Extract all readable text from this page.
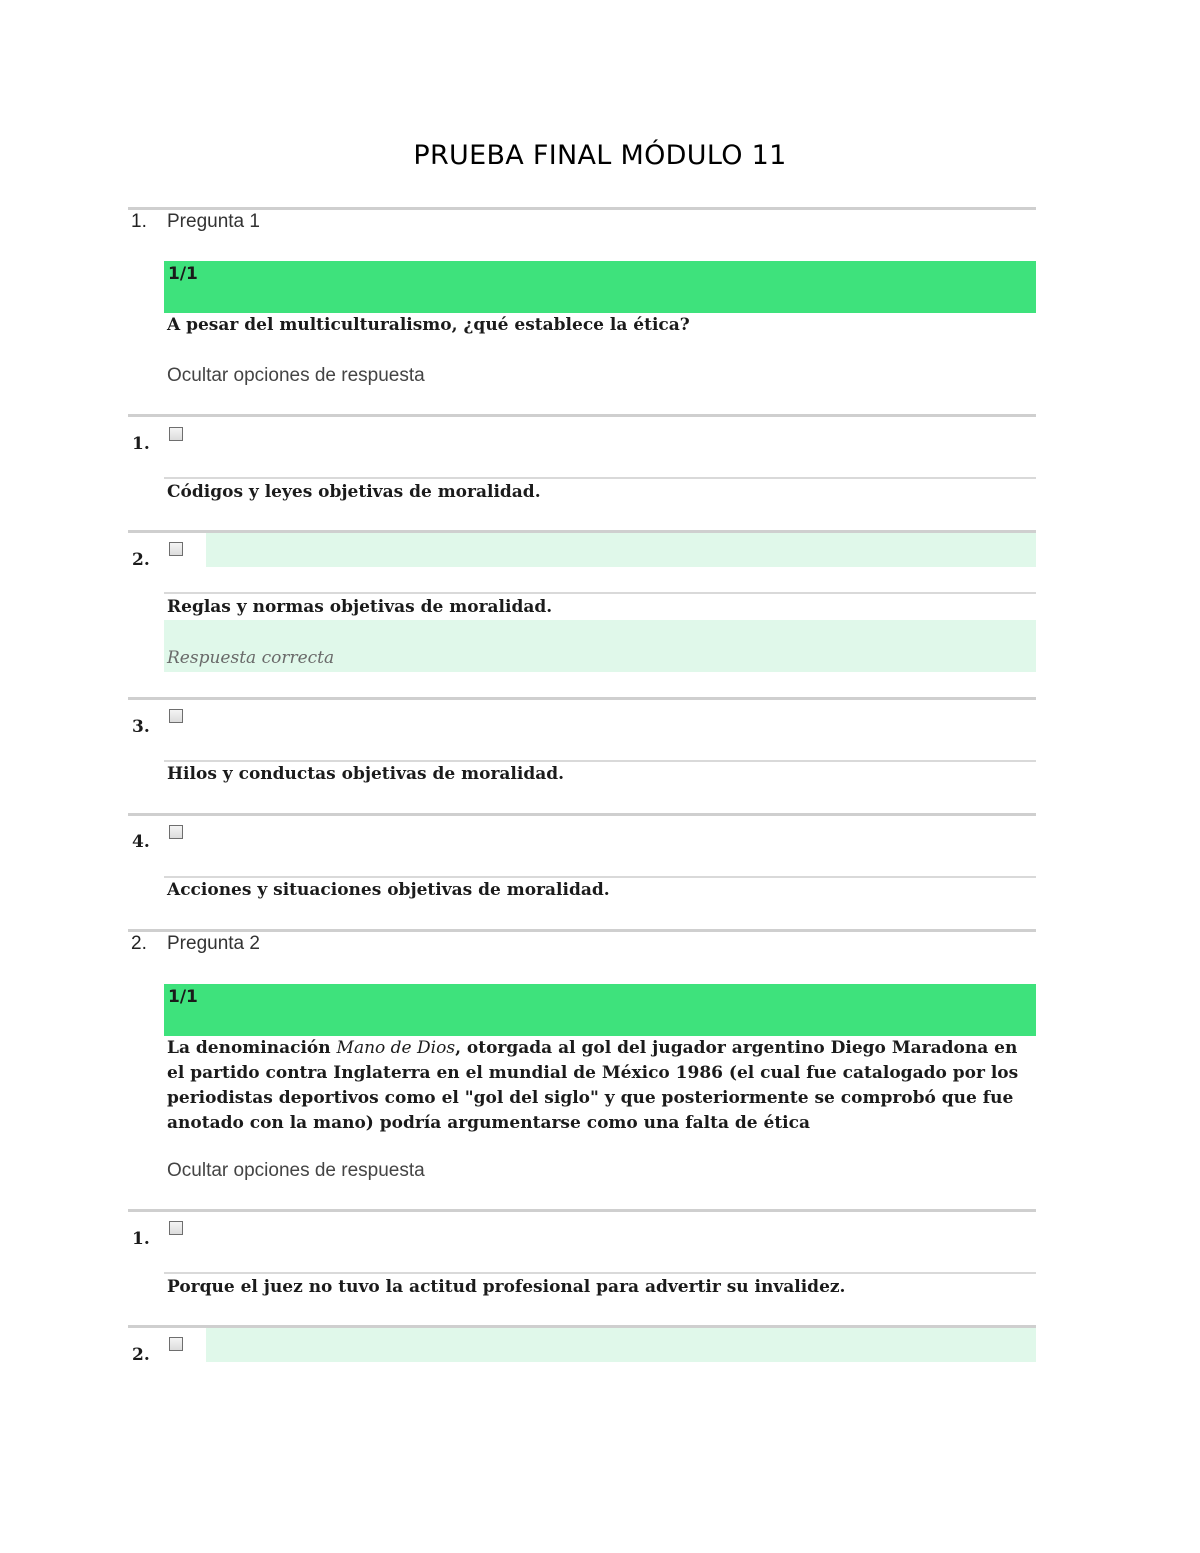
PRUEBA FINAL MÓDULO 11
1. Pregunta 1
1/1
A pesar del multiculturalismo, ¿qué establece la ética?
Ocultar opciones de respuesta
1.
Códigos y leyes objetivas de moralidad.
2.
Reglas y normas objetivas de moralidad.
Respuesta correcta
3.
Hilos y conductas objetivas de moralidad.
4.
Acciones y situaciones objetivas de moralidad.
2. Pregunta 2
1/1
La denominación Mano de Dios, otorgada al gol del jugador argentino Diego Maradona en el partido contra Inglaterra en el mundial de México 1986 (el cual fue catalogado por los periodistas deportivos como el "gol del siglo" y que posteriormente se comprobó que fue anotado con la mano) podría argumentarse como una falta de ética
Ocultar opciones de respuesta
1.
Porque el juez no tuvo la actitud profesional para advertir su invalidez.
2.
